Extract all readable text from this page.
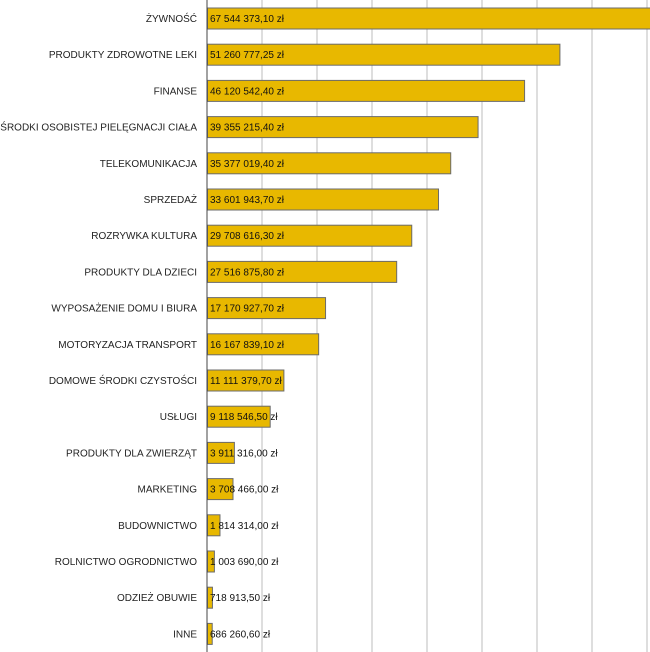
ŻYWNOŚĆ
PRODUKTY ZDROWOTNE LEKI
FINANSE
ŚRODKI OSOBISTEJ PIELĘGNACJI CIAŁA
TELEKOMUNIKACJA
SPRZEDAŻ
ROZRYWKA KULTURA
PRODUKTY DLA DZIECI
WYPOSAŻENIE DOMU I BIURA
MOTORYZACJA TRANSPORT
DOMOWE ŚRODKI CZYSTOŚCI
USŁUGI
PRODUKTY DLA ZWIERZĄT
MARKETING
BUDOWNICTWO
ROLNICTWO OGRODNICTWO
ODZIEŻ OBUWIE
INNE
67 544 373,10 zł
51 260 777,25 zł
46 120 542,40 zł
39 355 215,40 zł
35 377 019,40 zł
33 601 943,70 zł
29 708 616,30 zł
27 516 875,80 zł
17 170 927,70 zł
16 167 839,10 zł
11 111 379,70 zł
9 118 546,50 zł
3 911 316,00 zł
3 708 466,00 zł
1 814 314,00 zł
1 003 690,00 zł
718 913,50 zł
686 260,60 zł
